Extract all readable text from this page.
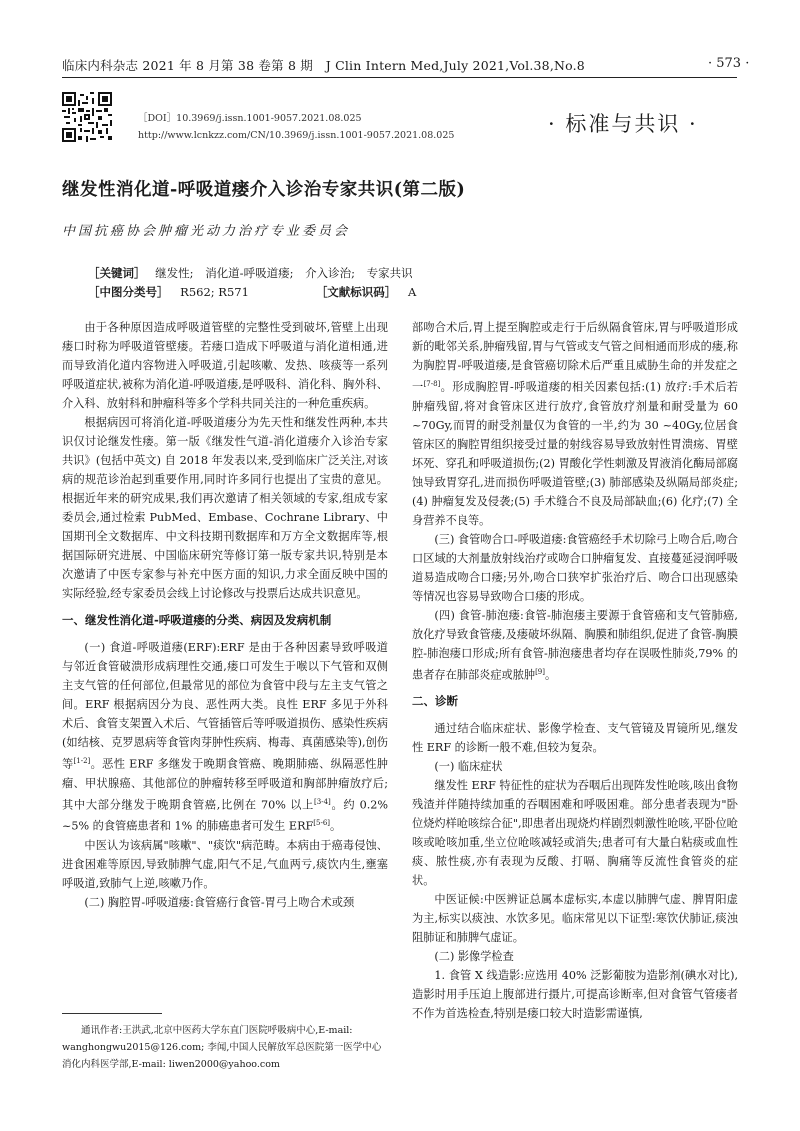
临床内科杂志 2021 年 8 月第 38 卷第 8 期　J Clin Intern Med,July 2021,Vol.38,No.8	· 573 ·
［DOI］10.3969/j.issn.1001-9057.2021.08.025
http://www.lcnkzz.com/CN/10.3969/j.issn.1001-9057.2021.08.025	· 标准与共识 ·
继发性消化道-呼吸道瘘介入诊治专家共识(第二版)
中国抗癌协会肿瘤光动力治疗专业委员会
［关键词］ 继发性; 消化道-呼吸道瘘; 介入诊治; 专家共识
［中图分类号］ R562; R571	［文献标识码］ A

由于各种原因造成呼吸道管壁的完整性受到破坏,管壁上出现瘘口时称为呼吸道管壁瘘。若瘘口造成下呼吸道与消化道相通,进而导致消化道内容物进入呼吸道,引起咳嗽、发热、咳痰等一系列呼吸道症状,被称为消化道-呼吸道瘘,是呼吸科、消化科、胸外科、介入科、放射科和肿瘤科等多个学科共同关注的一种危重疾病。

根据病因可将消化道-呼吸道瘘分为先天性和继发性两种,本共识仅讨论继发性瘘。第一版《继发性气道-消化道瘘介入诊治专家共识》(包括中英文) 自 2018 年发表以来,受到临床广泛关注,对该病的规范诊治起到重要作用,同时许多同行也提出了宝贵的意见。根据近年来的研究成果,我们再次邀请了相关领域的专家,组成专家委员会,通过检索 PubMed、Embase、Cochrane Library、中国期刊全文数据库、中文科技期刊数据库和万方全文数据库等,根据国际研究进展、中国临床研究等修订第一版专家共识,特别是本次邀请了中医专家参与补充中医方面的知识,力求全面反映中国的实际经验,经专家委员会线上讨论修改与投票后达成共识意见。

一、继发性消化道-呼吸道瘘的分类、病因及发病机制

(一) 食道-呼吸道瘘(ERF):ERF 是由于各种因素导致呼吸道与邻近食管破溃形成病理性交通,瘘口可发生于喉以下气管和双侧主支气管的任何部位,但最常见的部位为食管中段与左主支气管之间。ERF 根据病因分为良、恶性两大类。良性 ERF 多见于外科术后、食管支架置入术后、气管插管后等呼吸道损伤、感染性疾病(如结核、克罗恩病等食管肉芽肿性疾病、梅毒、真菌感染等),创伤等[1-2]。恶性 ERF 多继发于晚期食管癌、晚期肺癌、纵隔恶性肿瘤、甲状腺癌、其他部位的肿瘤转移至呼吸道和胸部肿瘤放疗后;其中大部分继发于晚期食管癌,比例在 70% 以上[3-4]。约 0.2% ~5% 的食管癌患者和 1% 的肺癌患者可发生 ERF[5-6]。

中医认为该病属"咳嗽"、"痰饮"病范畴。本病由于癌毒侵蚀、进食困难等原因,导致肺脾气虚,阳气不足,气血两亏,痰饮内生,壅塞呼吸道,致肺气上逆,咳嗽乃作。

(二) 胸腔胃-呼吸道瘘:食管癌行食管-胃弓上吻合术或颈

通讯作者:王洪武,北京中医药大学东直门医院呼吸病中心,E-mail: wanghongwu2015@126.com; 李闻,中国人民解放军总医院第一医学中心消化内科医学部,E-mail: liwen2000@yahoo.com

部吻合术后,胃上提至胸腔或走行于后纵隔食管床,胃与呼吸道形成新的毗邻关系,肿瘤残留,胃与气管或支气管之间相通而形成的瘘,称为胸腔胃-呼吸道瘘,是食管癌切除术后严重且威胁生命的并发症之一[7-8]。形成胸腔胃-呼吸道瘘的相关因素包括:(1) 放疗:手术后若肿瘤残留,将对食管床区进行放疗,食管放疗剂量和耐受量为 60 ~70Gy,而胃的耐受剂量仅为食管的一半,约为 30 ~40Gy,位居食管床区的胸腔胃组织接受过量的射线容易导致放射性胃溃疡、胃壁坏死、穿孔和呼吸道损伤;(2) 胃酸化学性刺激及胃液消化酶局部腐蚀导致胃穿孔,进而损伤呼吸道管壁;(3) 肺部感染及纵隔局部炎症;(4) 肿瘤复发及侵袭;(5) 手术缝合不良及局部缺血;(6) 化疗;(7) 全身营养不良等。

(三) 食管吻合口-呼吸道瘘:食管癌经手术切除弓上吻合后,吻合口区域的大剂量放射线治疗或吻合口肿瘤复发、直接蔓延浸润呼吸道易造成吻合口瘘;另外,吻合口狭窄扩张治疗后、吻合口出现感染等情况也容易导致吻合口瘘的形成。

(四) 食管-肺泡瘘:食管-肺泡瘘主要源于食管癌和支气管肺癌,放化疗导致食管瘘,及瘘破坏纵隔、胸膜和肺组织,促进了食管-胸膜腔-肺泡瘘口形成;所有食管-肺泡瘘患者均存在误吸性肺炎,79% 的患者存在肺部炎症或脓肿[9]。

二、诊断

通过结合临床症状、影像学检查、支气管镜及胃镜所见,继发性 ERF 的诊断一般不难,但较为复杂。

(一) 临床症状

继发性 ERF 特征性的症状为吞咽后出现阵发性呛咳,咳出食物残渣并伴随持续加重的吞咽困难和呼吸困难。部分患者表现为"卧位烧灼样呛咳综合征",即患者出现烧灼样剧烈刺激性呛咳,平卧位呛咳或呛咳加重,坐立位呛咳减轻或消失;患者可有大量白粘痰或血性痰、脓性痰,亦有表现为反酸、打嗝、胸痛等反流性食管炎的症状。

中医证候:中医辨证总属本虚标实,本虚以肺脾气虚、脾胃阳虚为主,标实以痰浊、水饮多见。临床常见以下证型:寒饮伏肺证,痰浊阻肺证和肺脾气虚证。

(二) 影像学检查

1. 食管 X 线造影:应选用 40% 泛影葡胺为造影剂(碘水对比),造影时用手压迫上腹部进行摄片,可提高诊断率,但对食管气管瘘者不作为首选检查,特别是瘘口较大时造影需谨慎,
